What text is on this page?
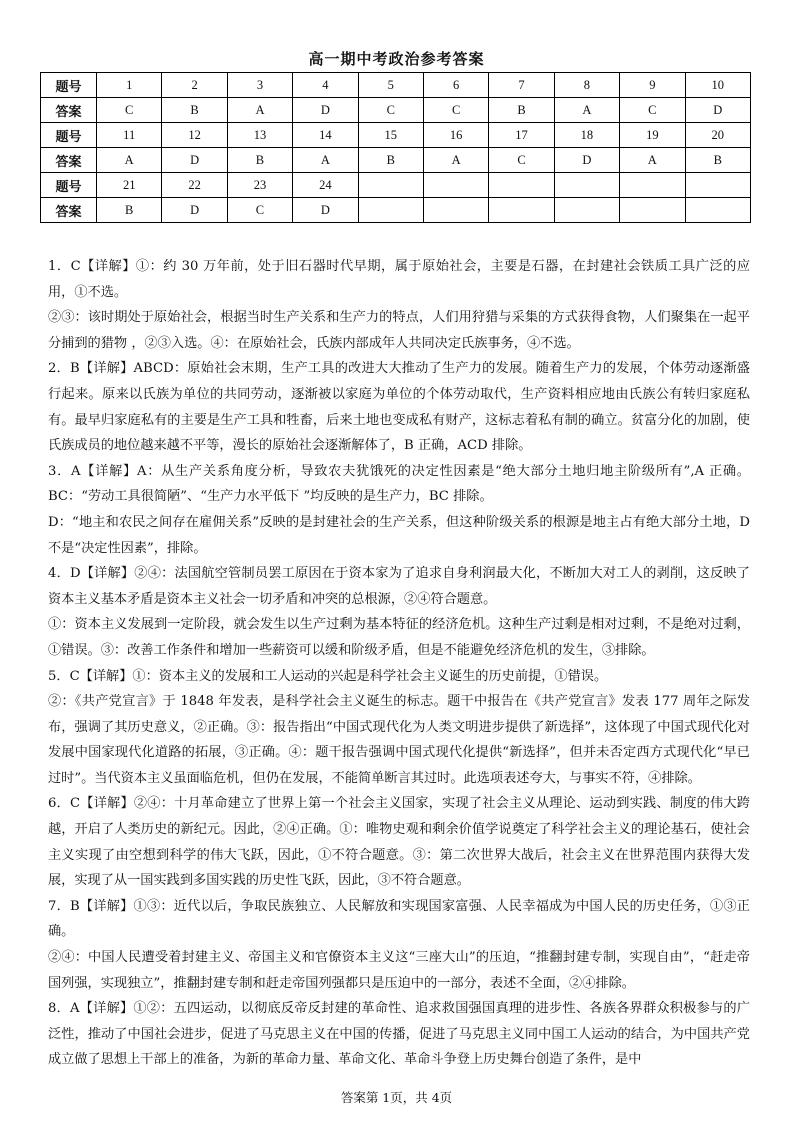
高一期中考政治参考答案
题号	1	2	3	4	5	6	7	8	9	10
答案	C	B	A	D	C	C	B	A	C	D
题号	11	12	13	14	15	16	17	18	19	20
答案	A	D	B	A	B	A	C	D	A	B
题号	21	22	23	24						
答案	B	D	C	D						

1．C【详解】①：约 30 万年前，处于旧石器时代早期，属于原始社会，主要是石器，在封建社会铁质工具广泛的应用，①不选。

②③：该时期处于原始社会，根据当时生产关系和生产力的特点，人们用狩猎与采集的方式获得食物，人们聚集在一起平分捕到的猎物 ，②③入选。④：在原始社会，氏族内部成年人共同决定氏族事务，④不选。

2．B【详解】ABCD：原始社会末期，生产工具的改进大大推动了生产力的发展。随着生产力的发展，个体劳动逐渐盛行起来。原来以氏族为单位的共同劳动，逐渐被以家庭为单位的个体劳动取代，生产资料相应地由氏族公有转归家庭私有。最早归家庭私有的主要是生产工具和牲畜，后来土地也变成私有财产，这标志着私有制的确立。贫富分化的加剧，使氏族成员的地位越来越不平等，漫长的原始社会逐渐解体了，B 正确，ACD 排除。

3．A【详解】A：从生产关系角度分析，导致农夫犹饿死的决定性因素是“绝大部分土地归地主阶级所有”,A 正确。BC：“劳动工具很简陋”、“生产力水平低下 ”均反映的是生产力，BC 排除。

D：“地主和农民之间存在雇佣关系”反映的是封建社会的生产关系，但这种阶级关系的根源是地主占有绝大部分土地，D 不是“决定性因素”，排除。

4．D【详解】②④：法国航空管制员罢工原因在于资本家为了追求自身利润最大化，不断加大对工人的剥削，这反映了资本主义基本矛盾是资本主义社会一切矛盾和冲突的总根源，②④符合题意。

①：资本主义发展到一定阶段，就会发生以生产过剩为基本特征的经济危机。这种生产过剩是相对过剩，不是绝对过剩，①错误。③：改善工作条件和增加一些薪资可以缓和阶级矛盾，但是不能避免经济危机的发生，③排除。

5．C【详解】①：资本主义的发展和工人运动的兴起是科学社会主义诞生的历史前提，①错误。

②：《共产党宣言》于 1848 年发表，是科学社会主义诞生的标志。题干中报告在《共产党宣言》发表 177 周年之际发布，强调了其历史意义，②正确。③：报告指出“中国式现代化为人类文明进步提供了新选择”，这体现了中国式现代化对发展中国家现代化道路的拓展，③正确。④：题干报告强调中国式现代化提供“新选择”，但并未否定西方式现代化“早已过时”。当代资本主义虽面临危机，但仍在发展，不能简单断言其过时。此选项表述夸大，与事实不符，④排除。

6．C【详解】②④：十月革命建立了世界上第一个社会主义国家，实现了社会主义从理论、运动到实践、制度的伟大跨越，开启了人类历史的新纪元。因此，②④正确。①：唯物史观和剩余价值学说奠定了科学社会主义的理论基石，使社会主义实现了由空想到科学的伟大飞跃，因此，①不符合题意。③：第二次世界大战后，社会主义在世界范围内获得大发展，实现了从一国实践到多国实践的历史性飞跃，因此，③不符合题意。

7．B【详解】①③：近代以后，争取民族独立、人民解放和实现国家富强、人民幸福成为中国人民的历史任务，①③正确。

②④：中国人民遭受着封建主义、帝国主义和官僚资本主义这“三座大山”的压迫，“推翻封建专制，实现自由”，“赶走帝国列强，实现独立”，推翻封建专制和赶走帝国列强都只是压迫中的一部分，表述不全面，②④排除。

8．A【详解】①②：五四运动，以彻底反帝反封建的革命性、追求救国强国真理的进步性、各族各界群众积极参与的广泛性，推动了中国社会进步，促进了马克思主义在中国的传播，促进了马克思主义同中国工人运动的结合，为中国共产党成立做了思想上干部上的准备，为新的革命力量、革命文化、革命斗争登上历史舞台创造了条件，是中

答案第 1页，共 4页
